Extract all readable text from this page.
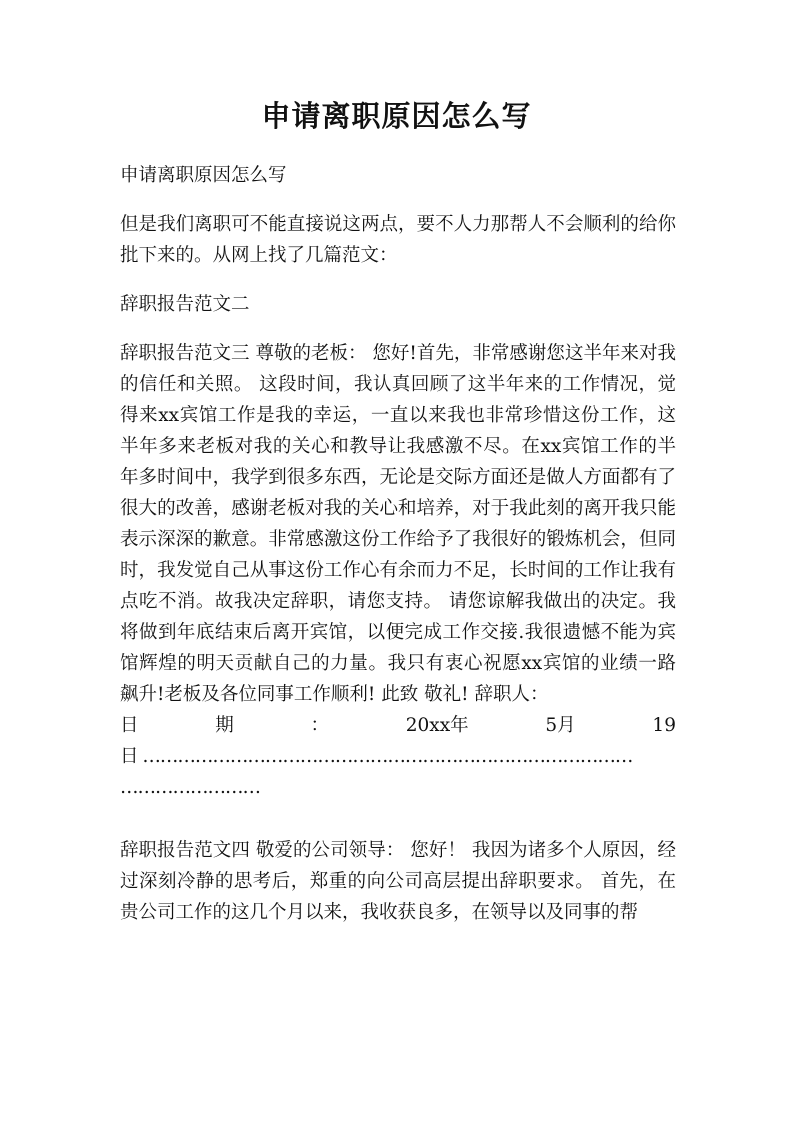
申请离职原因怎么写

申请离职原因怎么写

但是我们离职可不能直接说这两点，要不人力那帮人不会顺利的给你批下来的。从网上找了几篇范文：

辞职报告范文二

辞职报告范文三 尊敬的老板： 您好!首先，非常感谢您这半年来对我的信任和关照。 这段时间，我认真回顾了这半年来的工作情况，觉得来xx宾馆工作是我的幸运，一直以来我也非常珍惜这份工作，这半年多来老板对我的关心和教导让我感激不尽。在xx宾馆工作的半年多时间中，我学到很多东西，无论是交际方面还是做人方面都有了很大的改善，感谢老板对我的关心和培养，对于我此刻的离开我只能表示深深的歉意。非常感激这份工作给予了我很好的锻炼机会，但同时，我发觉自己从事这份工作心有余而力不足，长时间的工作让我有点吃不消。故我决定辞职，请您支持。 请您谅解我做出的决定。我将做到年底结束后离开宾馆，以便完成工作交接.我很遗憾不能为宾馆辉煌的明天贡献自己的力量。我只有衷心祝愿xx宾馆的业绩一路飙升!老板及各位同事工作顺利! 此致 敬礼! 辞职人：
日	期	：	20xx年	5月	19
日 …………………………………………………………………………
……………………

辞职报告范文四 敬爱的公司领导： 您好！ 我因为诸多个人原因，经过深刻冷静的思考后，郑重的向公司高层提出辞职要求。 首先，在贵公司工作的这几个月以来，我收获良多，在领导以及同事的帮
